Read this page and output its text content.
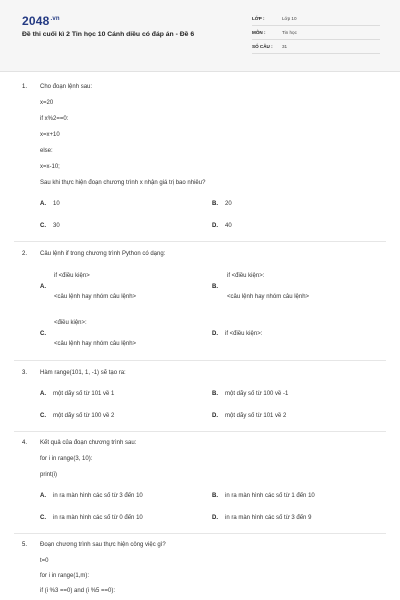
$2048^{.vn}$
Đề thi cuối kì 2 Tin học 10 Cánh diều có đáp án - Đề 6
LỚP :	Lớp 10
MÔN :	Tin học
SỐ CÂU : 31
1. Cho đoạn lệnh sau:
x=20
if x%2==0:
x=x+10
else:
x=x-10;
Sau khi thực hiện đoạn chương trình x nhận giá trị bao nhiêu?
A. 10	B. 20
C. 30	D. 40
2. Câu lệnh if trong chương trình Python có dạng:
A.
if <điều kiện>
<câu lệnh hay nhóm câu lệnh>
B.
if <điều kiện>:
<câu lệnh hay nhóm câu lệnh>
C.
<điều kiện>:
<câu lệnh hay nhóm câu lệnh>
D. if <điều kiện>:
3. Hàm range(101, 1, -1) sẽ tạo ra:
A. một dãy số từ 101 về 1	B. một dãy số từ 100 về -1
C. một dãy số từ 100 về 2	D. một dãy số từ 101 về 2
4. Kết quả của đoạn chương trình sau:
for i in range(3, 10):
print(i)
A. in ra màn hình các số từ 3 đến 10	B. in ra màn hình các số từ 1 đến 10
C. in ra màn hình các số từ 0 đến 10	D. in ra màn hình các số từ 3 đến 9
5. Đoạn chương trình sau thực hiện công việc gì?
t=0
for i in range(1,m):
if (i %3 ==0) and (i %5 ==0):
